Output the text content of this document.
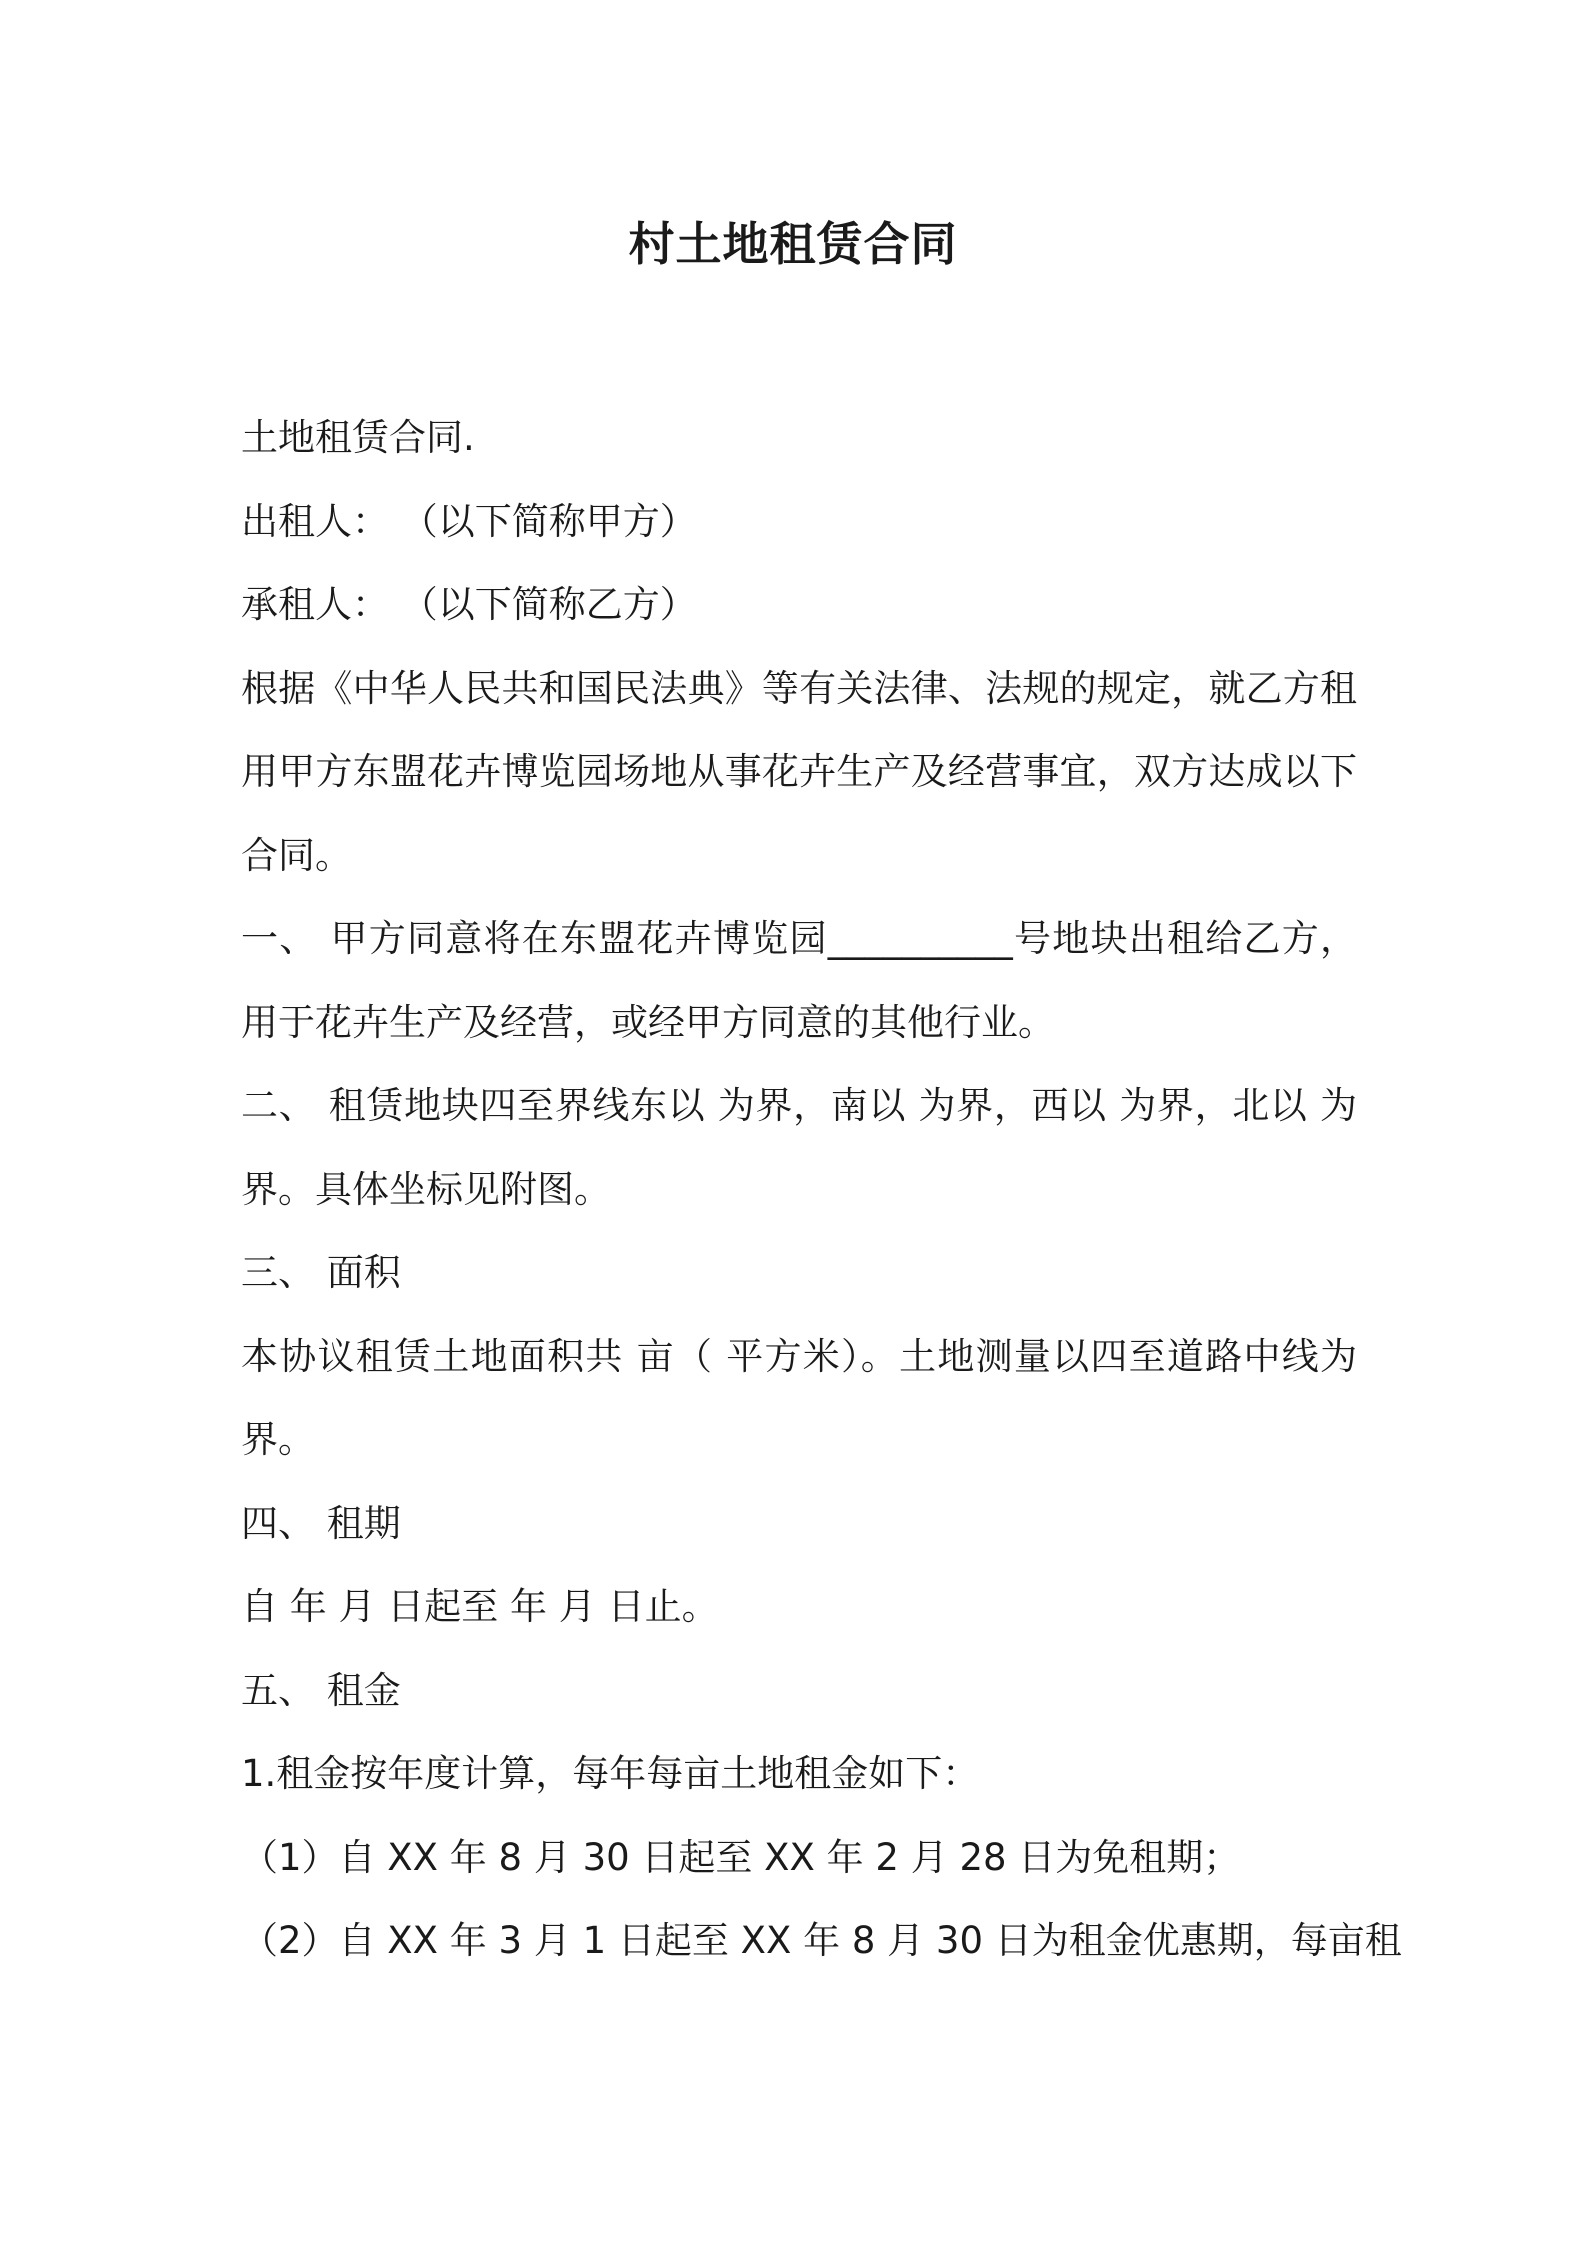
村土地租赁合同
土地租赁合同.
出租人： （以下简称甲方）
承租人： （以下简称乙方）
根据《中华人民共和国民法典》等有关法律、法规的规定，就乙方租
用甲方东盟花卉博览园场地从事花卉生产及经营事宜，双方达成以下
合同。
一、 甲方同意将在东盟花卉博览园__________号地块出租给乙方，
用于花卉生产及经营，或经甲方同意的其他行业。
二、 租赁地块四至界线东以 为界，南以 为界，西以 为界，北以 为
界。具体坐标见附图。
三、 面积
本协议租赁土地面积共 亩（ 平方米）。土地测量以四至道路中线为
界。
四、 租期
自 年 月 日起至 年 月 日止。
五、 租金
1.租金按年度计算，每年每亩土地租金如下：
（1）自 XX 年 8 月 30 日起至 XX 年 2 月 28 日为免租期；
（2）自 XX 年 3 月 1 日起至 XX 年 8 月 30 日为租金优惠期，每亩租
